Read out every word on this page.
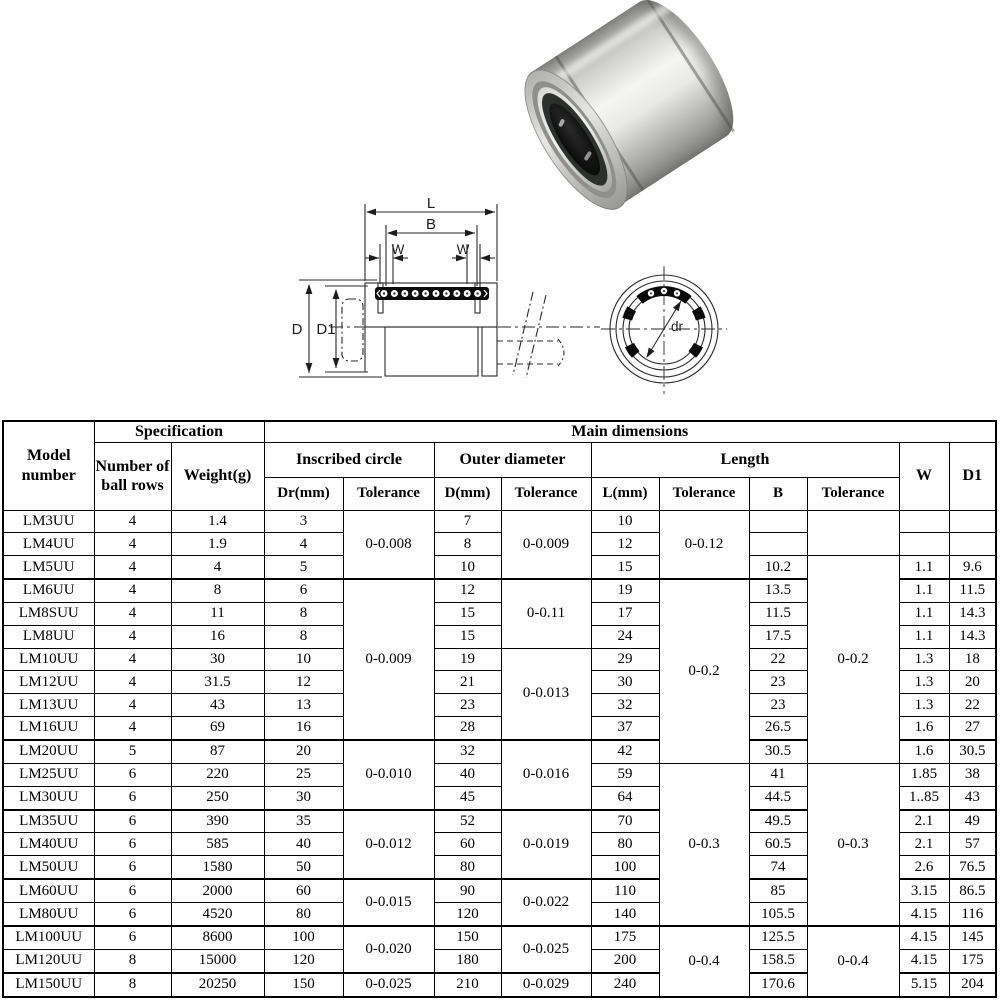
L
B
W	W
D D1	dr
Model number	Specification		Main dimensions									
	Number of ball rows	Weight(g)	Inscribed circle		Outer diameter		Length				W	D1
			Dr(mm)	Tolerance	D(mm)	Tolerance	L(mm)	Tolerance	B	Tolerance		
LM3UU	4	1.4	3	0-0.008	7	0-0.009	10	0-0.12				
LM4UU	4	1.9	4		8		12					
LM5UU	4	4	5		10		15		10.2	0-0.2	1.1	9.6
LM6UU	4	8	6	0-0.009	12	0-0.11	19	0-0.2	13.5		1.1	11.5
LM8SUU	4	11	8		15		17		11.5		1.1	14.3
LM8UU	4	16	8		15		24		17.5		1.1	14.3
LM10UU	4	30	10		19	0-0.013	29		22		1.3	18
LM12UU	4	31.5	12		21		30		23		1.3	20
LM13UU	4	43	13		23		32		23		1.3	22
LM16UU	4	69	16		28		37		26.5		1.6	27
LM20UU	5	87	20	0-0.010	32	0-0.016	42		30.5		1.6	30.5
LM25UU	6	220	25		40		59	0-0.3	41	0-0.3	1.85	38
LM30UU	6	250	30		45		64		44.5		1..85	43
LM35UU	6	390	35	0-0.012	52	0-0.019	70		49.5		2.1	49
LM40UU	6	585	40		60		80		60.5		2.1	57
LM50UU	6	1580	50		80		100		74		2.6	76.5
LM60UU	6	2000	60	0-0.015	90	0-0.022	110		85		3.15	86.5
LM80UU	6	4520	80		120		140		105.5		4.15	116
LM100UU	6	8600	100	0-0.020	150	0-0.025	175	0-0.4	125.5	0-0.4	4.15	145
LM120UU	8	15000	120		180		200		158.5		4.15	175
LM150UU	8	20250	150	0-0.025	210	0-0.029	240		170.6		5.15	204
